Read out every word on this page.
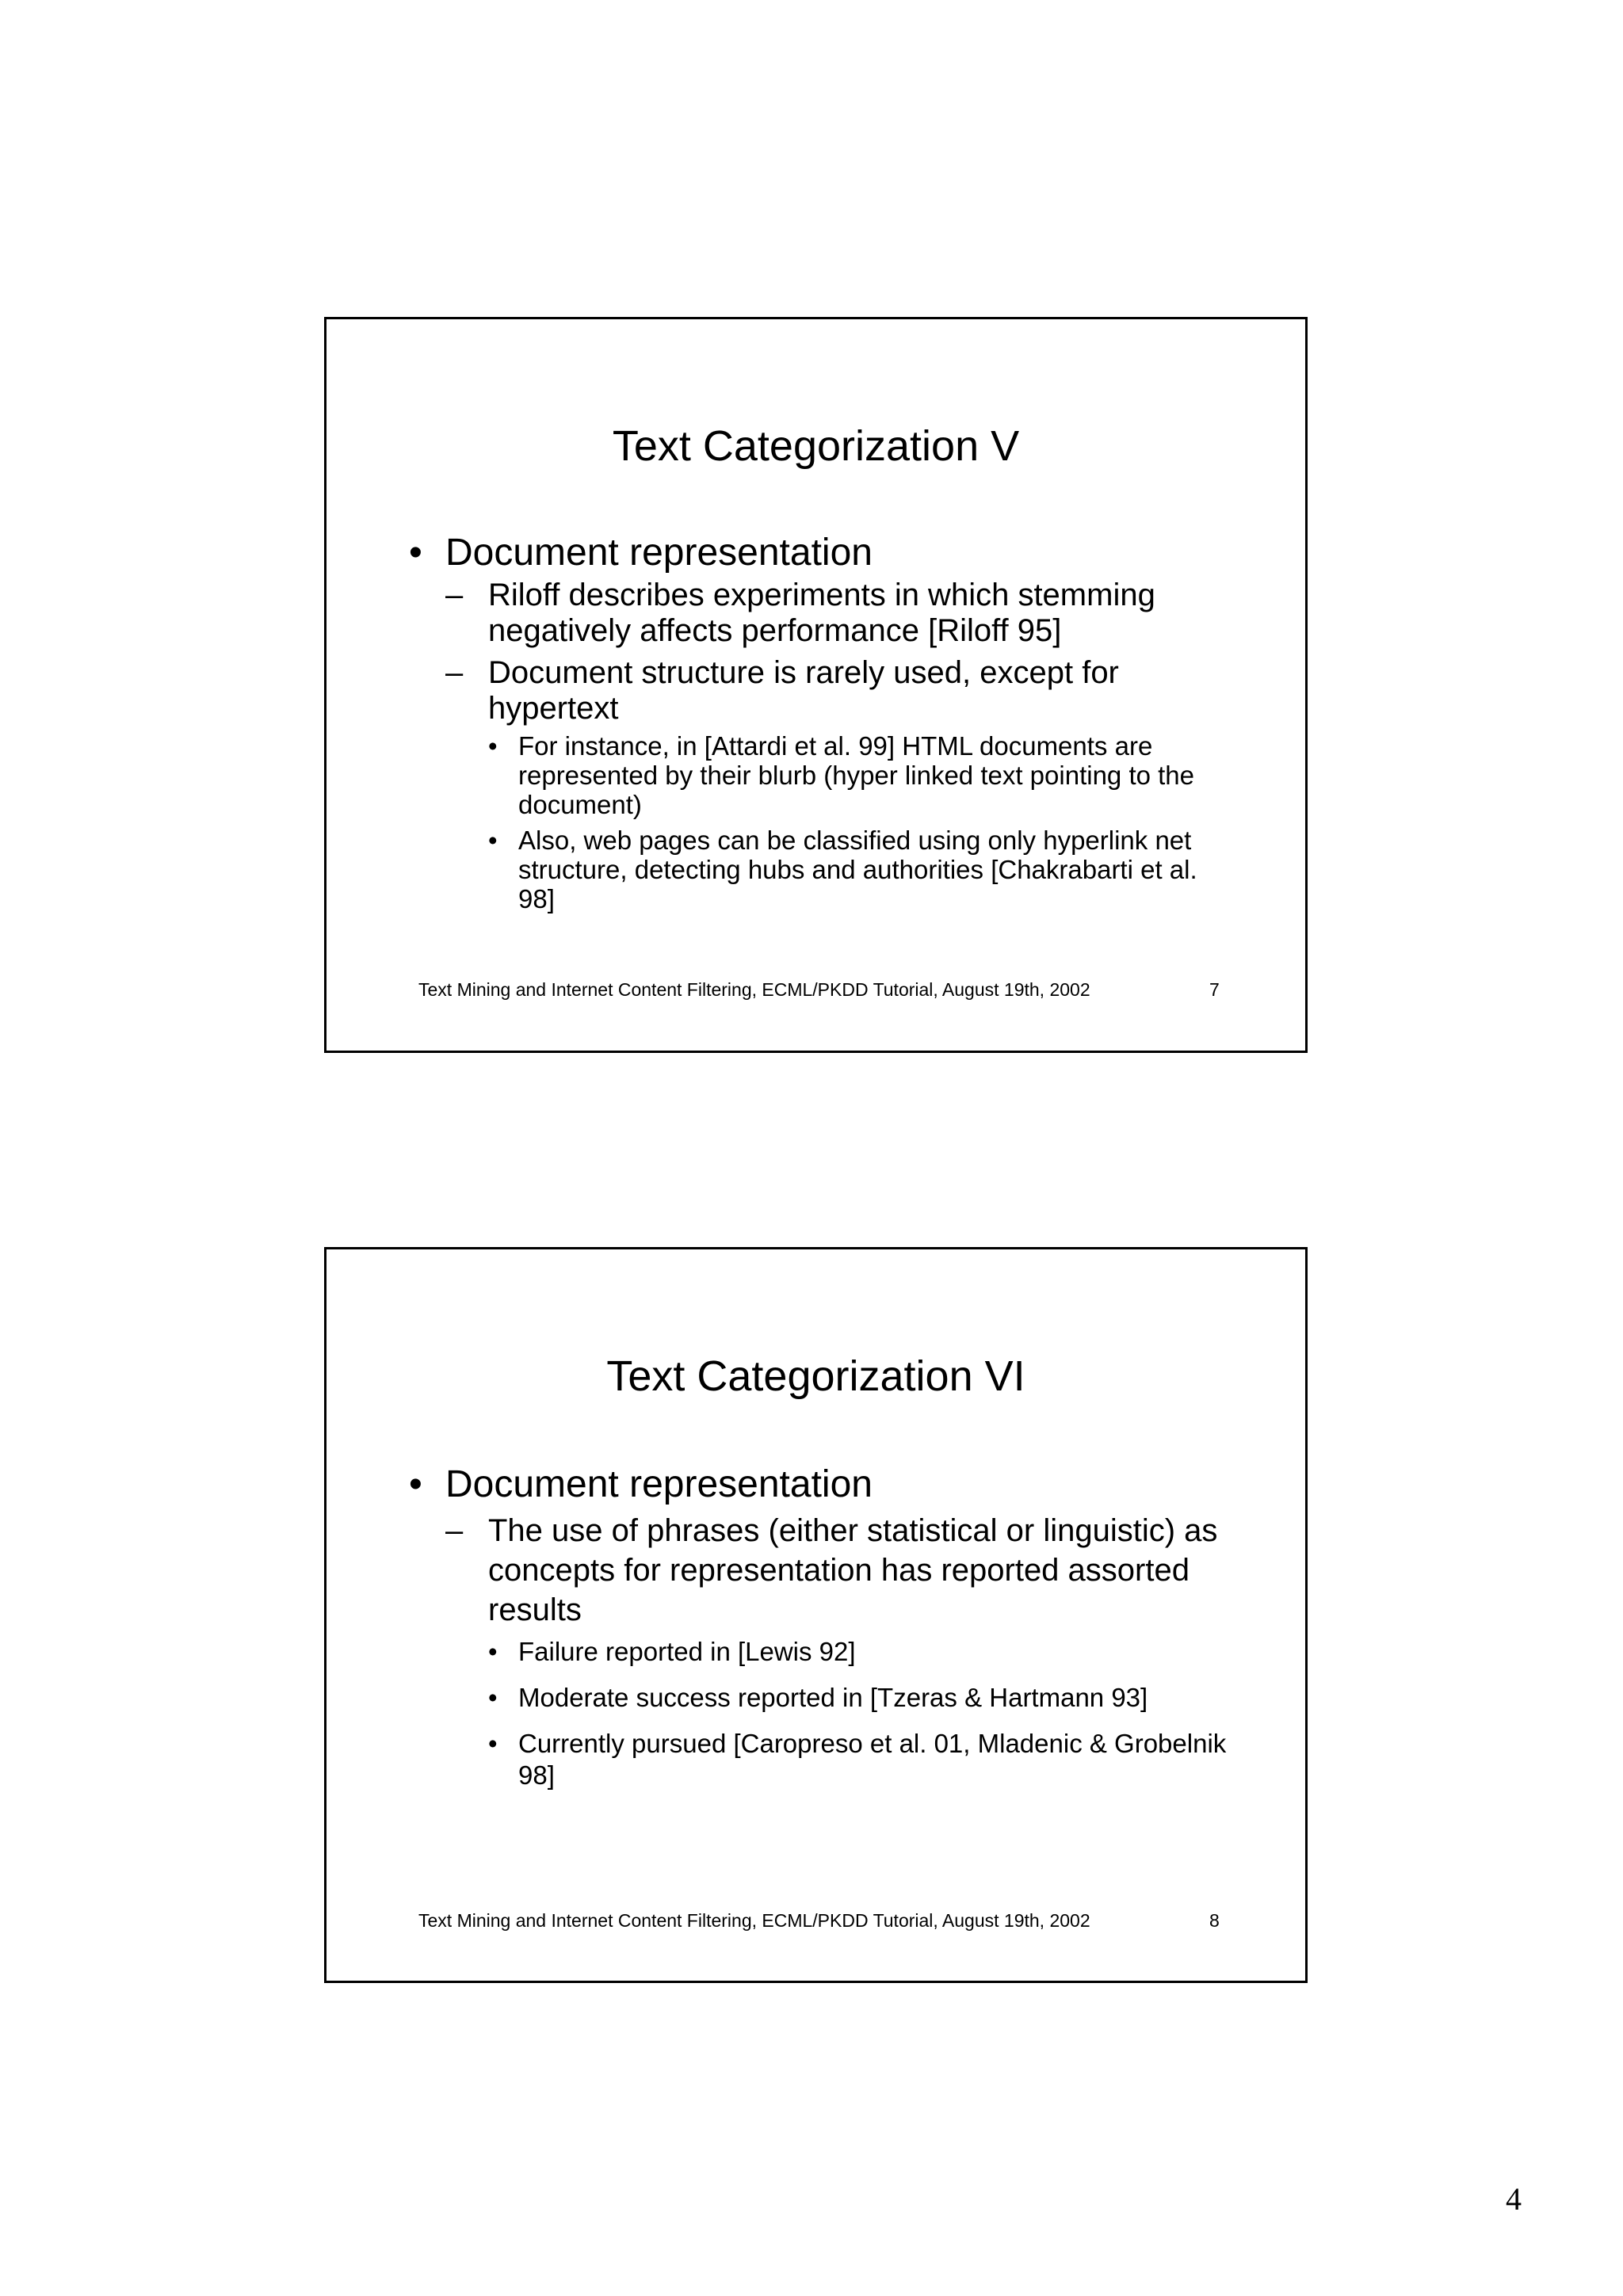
Text Categorization V
• Document representation
– Riloff describes experiments in which stemming negatively affects performance [Riloff 95]
– Document structure is rarely used, except for hypertext
• For instance, in [Attardi et al. 99] HTML documents are represented by their blurb (hyper linked text pointing to the document)
• Also, web pages can be classified using only hyperlink net structure, detecting hubs and authorities [Chakrabarti et al. 98]
Text Mining and Internet Content Filtering, ECML/PKDD Tutorial, August 19th, 2002	7
Text Categorization VI
• Document representation
– The use of phrases (either statistical or linguistic) as concepts for representation has reported assorted results
• Failure reported in [Lewis 92]
• Moderate success reported in [Tzeras & Hartmann 93]
• Currently pursued [Caropreso et al. 01, Mladenic & Grobelnik 98]
Text Mining and Internet Content Filtering, ECML/PKDD Tutorial, August 19th, 2002	8
4
